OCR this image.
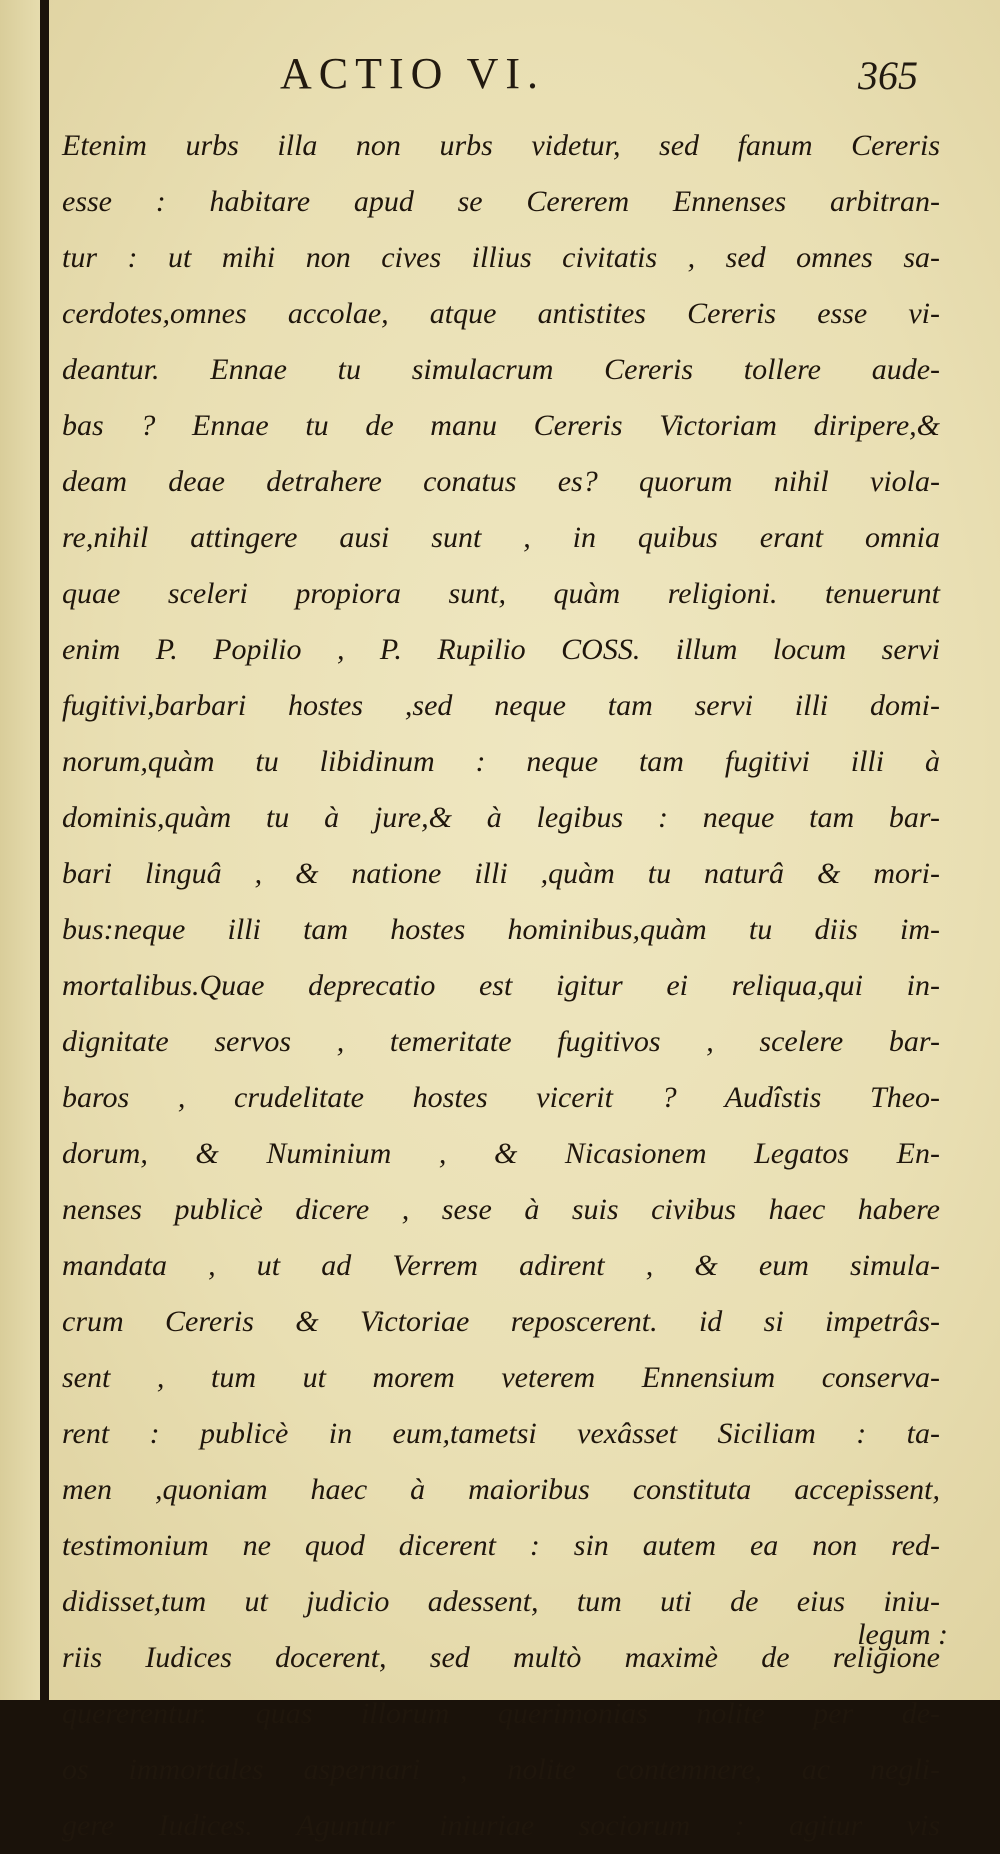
ACTIO VI.	365
Etenim urbs illa non urbs videtur, sed fanum Cereris
esse : habitare apud se Cererem Ennenses arbitran-
tur : ut mihi non cives illius civitatis , sed omnes sa-
cerdotes,omnes accolae, atque antistites Cereris esse vi-
deantur. Ennae tu simulacrum Cereris tollere aude-
bas ? Ennae tu de manu Cereris Victoriam diripere,&
deam deae detrahere conatus es? quorum nihil viola-
re,nihil attingere ausi sunt , in quibus erant omnia
quae sceleri propiora sunt, quàm religioni. tenuerunt
enim P. Popilio , P. Rupilio COSS. illum locum servi
fugitivi,barbari hostes ,sed neque tam servi illi domi-
norum,quàm tu libidinum : neque tam fugitivi illi à
dominis,quàm tu à jure,& à legibus : neque tam bar-
bari linguâ , & natione illi ,quàm tu naturâ & mori-
bus:neque illi tam hostes hominibus,quàm tu diis im-
mortalibus.Quae deprecatio est igitur ei reliqua,qui in-
dignitate servos , temeritate fugitivos , scelere bar-
baros , crudelitate hostes vicerit ? Audîstis Theo-
dorum, & Numinium , & Nicasionem Legatos En-
nenses publicè dicere , sese à suis civibus haec habere
mandata , ut ad Verrem adirent , & eum simula-
crum Cereris & Victoriae reposcerent. id si impetrâs-
sent , tum ut morem veterem Ennensium conserva-
rent : publicè in eum,tametsi vexâsset Siciliam : ta-
men ,quoniam haec à maioribus constituta accepissent,
testimonium ne quod dicerent : sin autem ea non red-
didisset,tum ut judicio adessent, tum uti de eius iniu-
riis Iudices docerent, sed multò maximè de religione
quererentur. quas illorum querimonias nolite per de-
os immortales aspernari , nolite contemnere, ac negli-
gere Iudices. Aguntur iniuriae sociorum : agitur vis
legum :
